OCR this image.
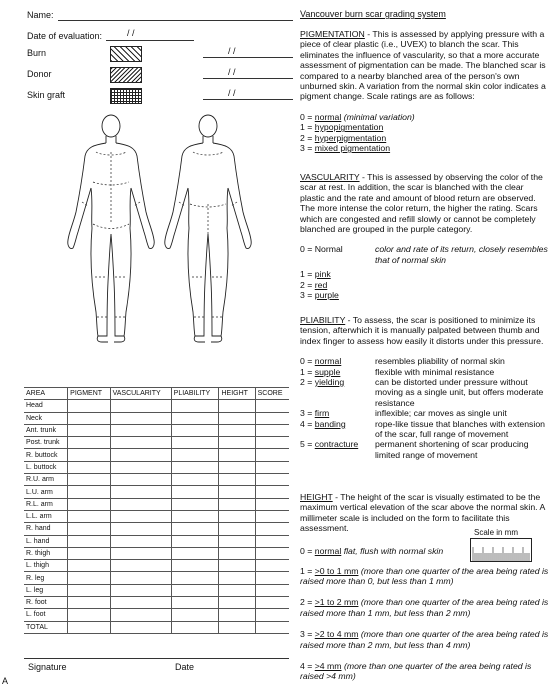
Name:
Date of evaluation:	/ /
Burn	/ /
Donor	/ /
Skin graft	/ /
AREA	PIGMENT	VASCULARITY	PLIABILITY	HEIGHT	SCORE
Head					
Neck					
Ant. trunk					
Post. trunk					
R. buttock					
L. buttock					
R.U. arm					
L.U. arm					
R.L. arm					
L.L. arm					
R. hand					
L. hand					
R. thigh					
L. thigh					
R. leg					
L. leg					
R. foot					
L. foot					
TOTAL					
Signature	Date
A
Vancouver burn scar grading system
PIGMENTATION - This is assessed by applying pressure with a piece of clear plastic (i.e., UVEX) to blanch the scar. This eliminates the influence of vascularity, so that a more accurate assessment of pigmentation can be made. The blanched scar is compared to a nearby blanched area of the person's own unburned skin. A variation from the normal skin color indicates a pigment change. Scale ratings are as follows:
0 = normal (minimal variation)
1 = hypopigmentation
2 = hyperpigmentation
3 = mixed pigmentation
VASCULARITY - This is assessed by observing the color of the scar at rest. In addition, the scar is blanched with the clear plastic and the rate and amount of blood return are observed. The more intense the color return, the higher the rating. Scars which are congested and refill slowly or cannot be completely blanched are grouped in the purple category.
0 = Normal	color and rate of its return, closely resembles that of normal skin
1 = pink
2 = red
3 = purple
PLIABILITY - To assess, the scar is positioned to minimize its tension, afterwhich it is manually palpated between thumb and index finger to assess how easily it distorts under this pressure.
0 = normal	resembles pliability of normal skin
1 = supple	flexible with minimal resistance
2 = yielding	can be distorted under pressure without moving as a single unit, but offers moderate resistance
3 = firm	inflexible; car moves as single unit
4 = banding	rope-like tissue that blanches with extension of the scar, full range of movement
5 = contracture	permanent shortening of scar producing limited range of movement
HEIGHT - The height of the scar is visually estimated to be the maximum vertical elevation of the scar above the normal skin. A millimeter scale is included on the form to facilitate this assessment.
0 = normal flat, flush with normal skin
1 = >0 to 1 mm (more than one quarter of the area being rated is raised more than 0, but less than 1 mm)
2 = >1 to 2 mm (more than one quarter of the area being rated is raised more than 1 mm, but less than 2 mm)
3 = >2 to 4 mm (more than one quarter of the area being rated is raised more than 2 mm, but less than 4 mm)
4 = >4 mm (more than one quarter of the area being rated is raised >4 mm)
Scale in mm
